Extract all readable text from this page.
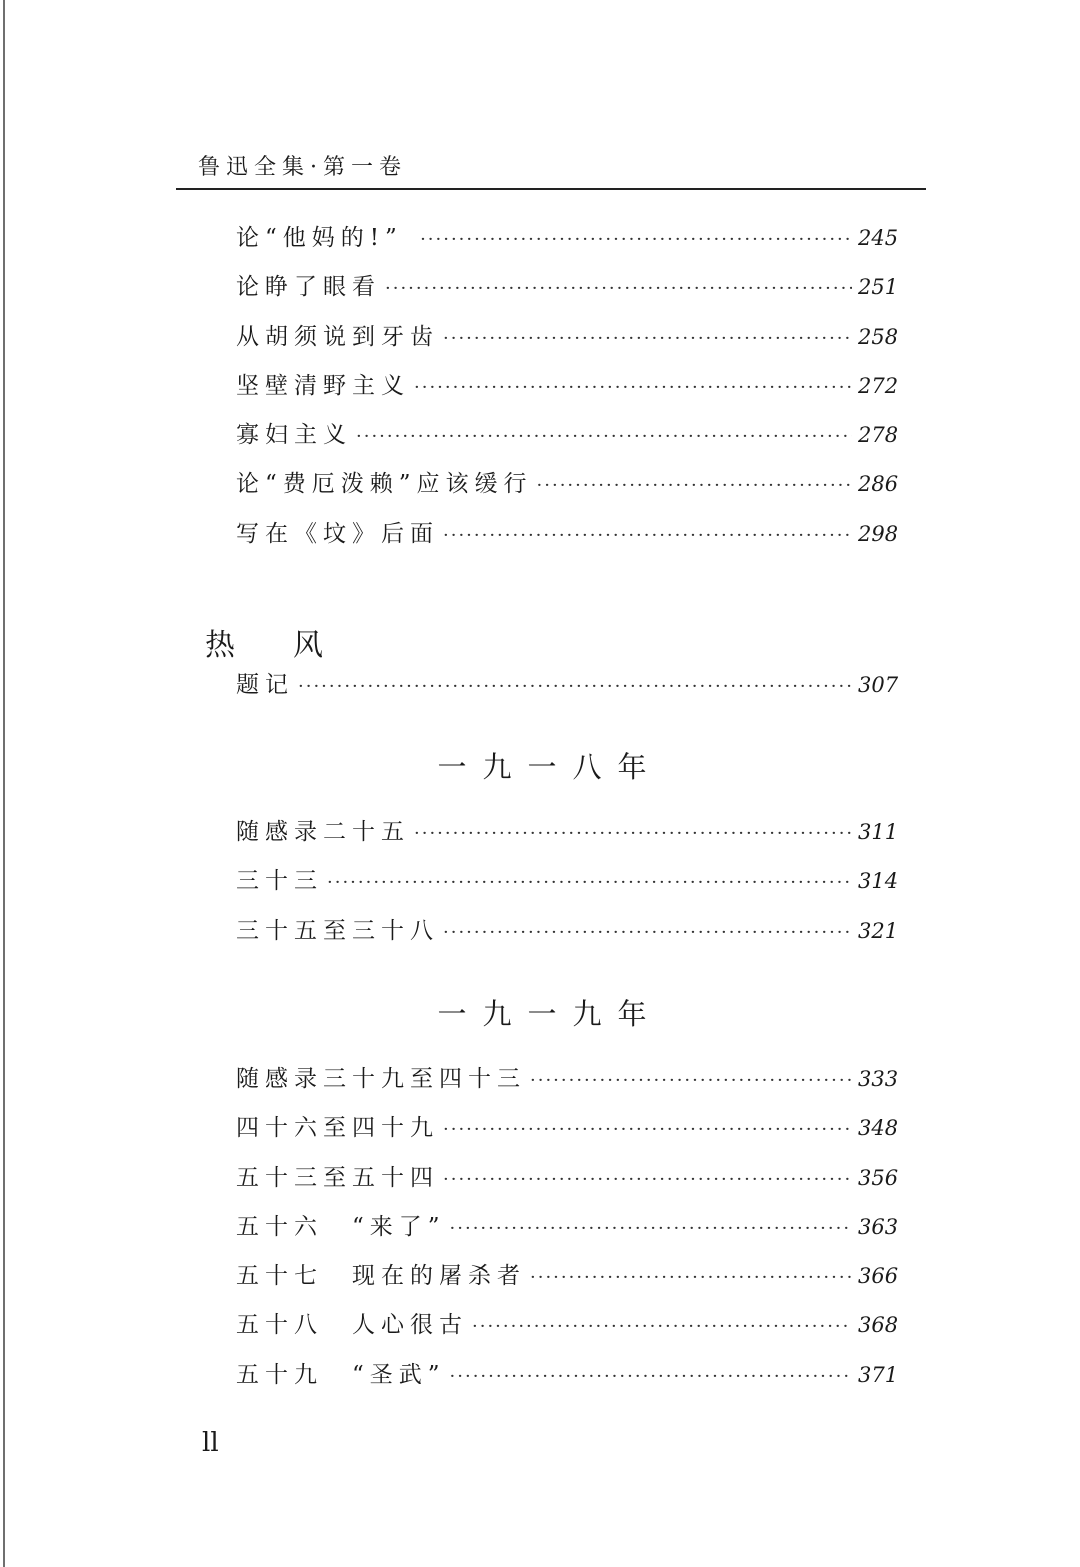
鲁迅全集·第一卷
论“他妈的!” ·····	245
论睁了眼看 ·····	251
从胡须说到牙齿 ·····	258
坚壁清野主义 ·····	272
寡妇主义 ·····	278
论“费厄泼赖”应该缓行 ·····	286
写在《坟》后面 ·····	298
热　风
题记 ·····	307
一九一八年
随感录二十五 ·····	311
三十三 ·····	314
三十五至三十八 ·····	321
一九一九年
随感录三十九至四十三 ·····	333
四十六至四十九 ·····	348
五十三至五十四 ·····	356
五十六　“来了” ·····	363
五十七　现在的屠杀者 ·····	366
五十八　人心很古 ·····	368
五十九　“圣武” ·····	371
ll
